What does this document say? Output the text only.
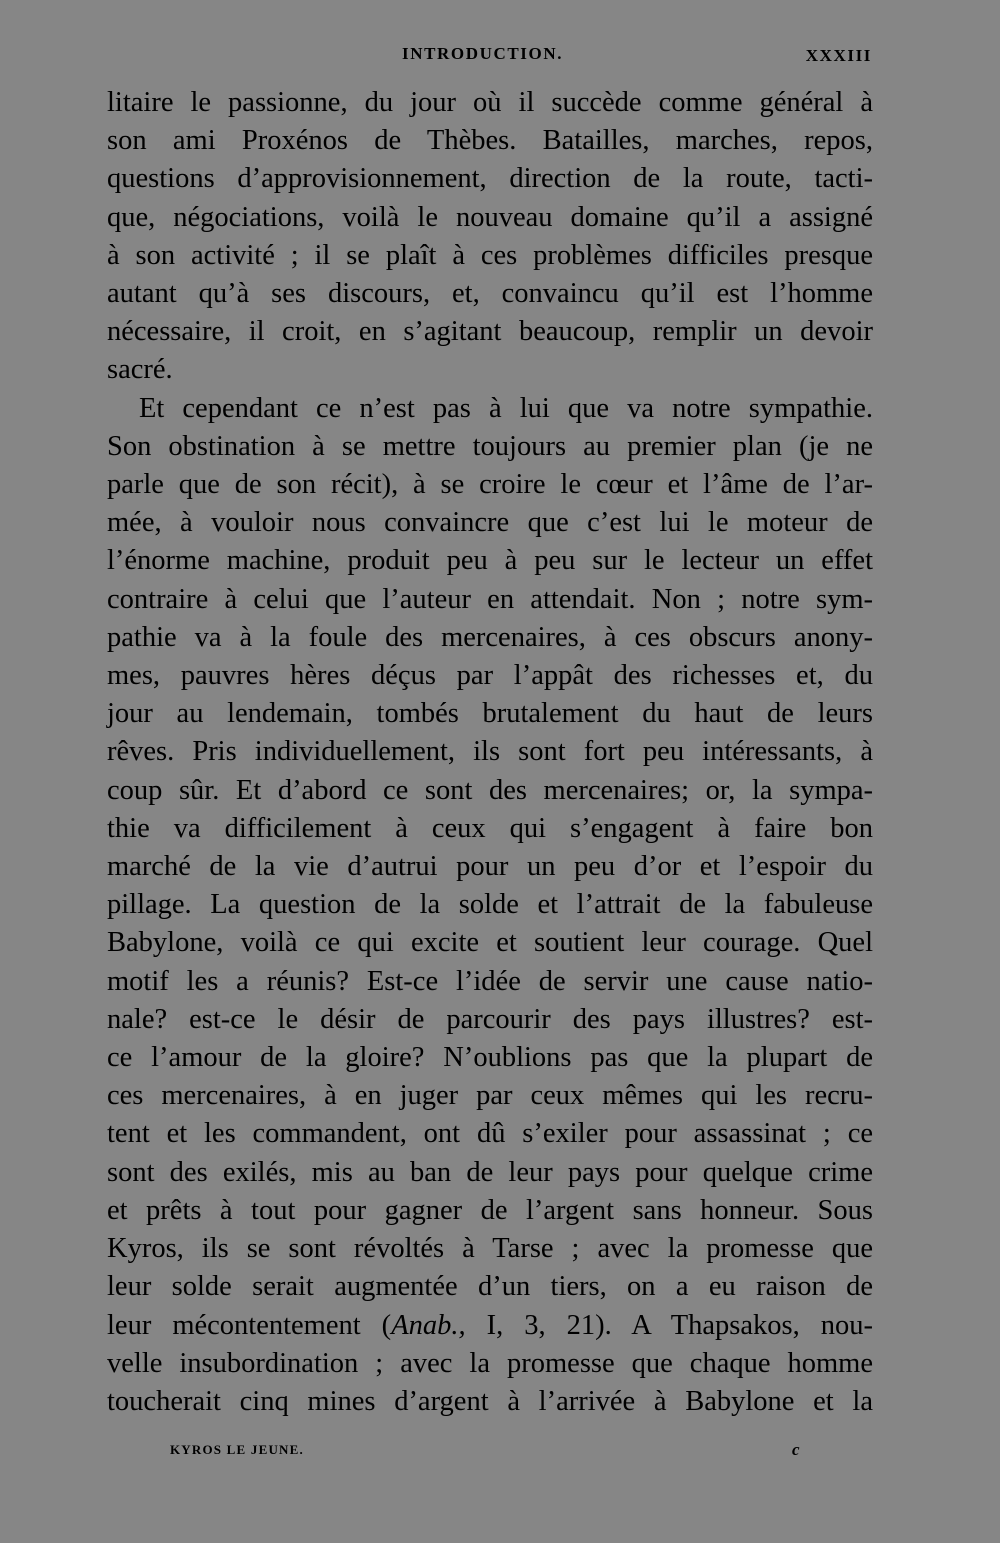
INTRODUCTION.	XXXIII
litaire le passionne, du jour où il succède comme général à
son ami Proxénos de Thèbes. Batailles, marches, repos,
questions d’approvisionnement, direction de la route, tacti-
que, négociations, voilà le nouveau domaine qu’il a assigné
à son activité ; il se plaît à ces problèmes difficiles presque
autant qu’à ses discours, et, convaincu qu’il est l’homme
nécessaire, il croit, en s’agitant beaucoup, remplir un devoir
sacré.
Et cependant ce n’est pas à lui que va notre sympathie.
Son obstination à se mettre toujours au premier plan (je ne
parle que de son récit), à se croire le cœur et l’âme de l’ar-
mée, à vouloir nous convaincre que c’est lui le moteur de
l’énorme machine, produit peu à peu sur le lecteur un effet
contraire à celui que l’auteur en attendait. Non ; notre sym-
pathie va à la foule des mercenaires, à ces obscurs anony-
mes, pauvres hères déçus par l’appât des richesses et, du
jour au lendemain, tombés brutalement du haut de leurs
rêves. Pris individuellement, ils sont fort peu intéressants, à
coup sûr. Et d’abord ce sont des mercenaires; or, la sympa-
thie va difficilement à ceux qui s’engagent à faire bon
marché de la vie d’autrui pour un peu d’or et l’espoir du
pillage. La question de la solde et l’attrait de la fabuleuse
Babylone, voilà ce qui excite et soutient leur courage. Quel
motif les a réunis? Est-ce l’idée de servir une cause natio-
nale? est-ce le désir de parcourir des pays illustres? est-
ce l’amour de la gloire? N’oublions pas que la plupart de
ces mercenaires, à en juger par ceux mêmes qui les recru-
tent et les commandent, ont dû s’exiler pour assassinat ; ce
sont des exilés, mis au ban de leur pays pour quelque crime
et prêts à tout pour gagner de l’argent sans honneur. Sous
Kyros, ils se sont révoltés à Tarse ; avec la promesse que
leur solde serait augmentée d’un tiers, on a eu raison de
leur mécontentement (Anab., I, 3, 21). A Thapsakos, nou-
velle insubordination ; avec la promesse que chaque homme
toucherait cinq mines d’argent à l’arrivée à Babylone et la
KYROS LE JEUNE.	c
